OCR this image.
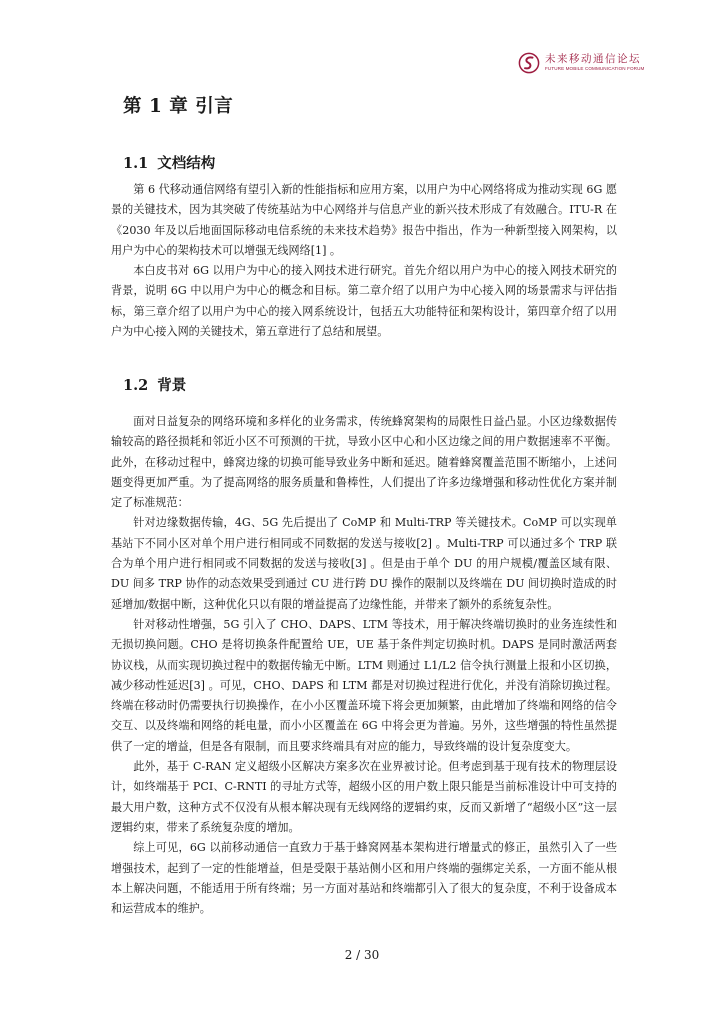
未来移动通信论坛
FUTURE MOBILE COMMUNICATION FORUM
第 1 章 引言
1.1 文档结构

第 6 代移动通信网络有望引入新的性能指标和应用方案，以用户为中心网络将成为推动实现 6G 愿景的关键技术，因为其突破了传统基站为中心网络并与信息产业的新兴技术形成了有效融合。ITU-R 在《2030 年及以后地面国际移动电信系统的未来技术趋势》报告中指出，作为一种新型接入网架构，以用户为中心的架构技术可以增强无线网络[1] 。

本白皮书对 6G 以用户为中心的接入网技术进行研究。首先介绍以用户为中心的接入网技术研究的背景，说明 6G 中以用户为中心的概念和目标。第二章介绍了以用户为中心接入网的场景需求与评估指标，第三章介绍了以用户为中心的接入网系统设计，包括五大功能特征和架构设计，第四章介绍了以用户为中心接入网的关键技术，第五章进行了总结和展望。

1.2 背景

面对日益复杂的网络环境和多样化的业务需求，传统蜂窝架构的局限性日益凸显。小区边缘数据传输较高的路径损耗和邻近小区不可预测的干扰，导致小区中心和小区边缘之间的用户数据速率不平衡。此外，在移动过程中，蜂窝边缘的切换可能导致业务中断和延迟。随着蜂窝覆盖范围不断缩小，上述问题变得更加严重。为了提高网络的服务质量和鲁棒性，人们提出了许多边缘增强和移动性优化方案并制定了标准规范：

针对边缘数据传输，4G、5G 先后提出了 CoMP 和 Multi-TRP 等关键技术。CoMP 可以实现单基站下不同小区对单个用户进行相同或不同数据的发送与接收[2] 。Multi-TRP 可以通过多个 TRP 联合为单个用户进行相同或不同数据的发送与接收[3] 。但是由于单个 DU 的用户规模/覆盖区域有限、DU 间多 TRP 协作的动态效果受到通过 CU 进行跨 DU 操作的限制以及终端在 DU 间切换时造成的时延增加/数据中断，这种优化只以有限的增益提高了边缘性能，并带来了额外的系统复杂性。

针对移动性增强，5G 引入了 CHO、DAPS、LTM 等技术，用于解决终端切换时的业务连续性和无损切换问题。CHO 是将切换条件配置给 UE，UE 基于条件判定切换时机。DAPS 是同时激活两套协议栈，从而实现切换过程中的数据传输无中断。LTM 则通过 L1/L2 信令执行测量上报和小区切换，减少移动性延迟[3] 。可见，CHO、DAPS 和 LTM 都是对切换过程进行优化，并没有消除切换过程。终端在移动时仍需要执行切换操作，在小小区覆盖环境下将会更加频繁，由此增加了终端和网络的信令交互、以及终端和网络的耗电量，而小小区覆盖在 6G 中将会更为普遍。另外，这些增强的特性虽然提供了一定的增益，但是各有限制，而且要求终端具有对应的能力，导致终端的设计复杂度变大。

此外，基于 C-RAN 定义超级小区解决方案多次在业界被讨论。但考虑到基于现有技术的物理层设计，如终端基于 PCI、C-RNTI 的寻址方式等，超级小区的用户数上限只能是当前标准设计中可支持的最大用户数，这种方式不仅没有从根本解决现有无线网络的逻辑约束，反而又新增了“超级小区”这一层逻辑约束，带来了系统复杂度的增加。

综上可见，6G 以前移动通信一直致力于基于蜂窝网基本架构进行增量式的修正，虽然引入了一些增强技术，起到了一定的性能增益，但是受限于基站侧小区和用户终端的强绑定关系，一方面不能从根本上解决问题，不能适用于所有终端；另一方面对基站和终端都引入了很大的复杂度，不利于设备成本和运营成本的维护。

2 / 30
